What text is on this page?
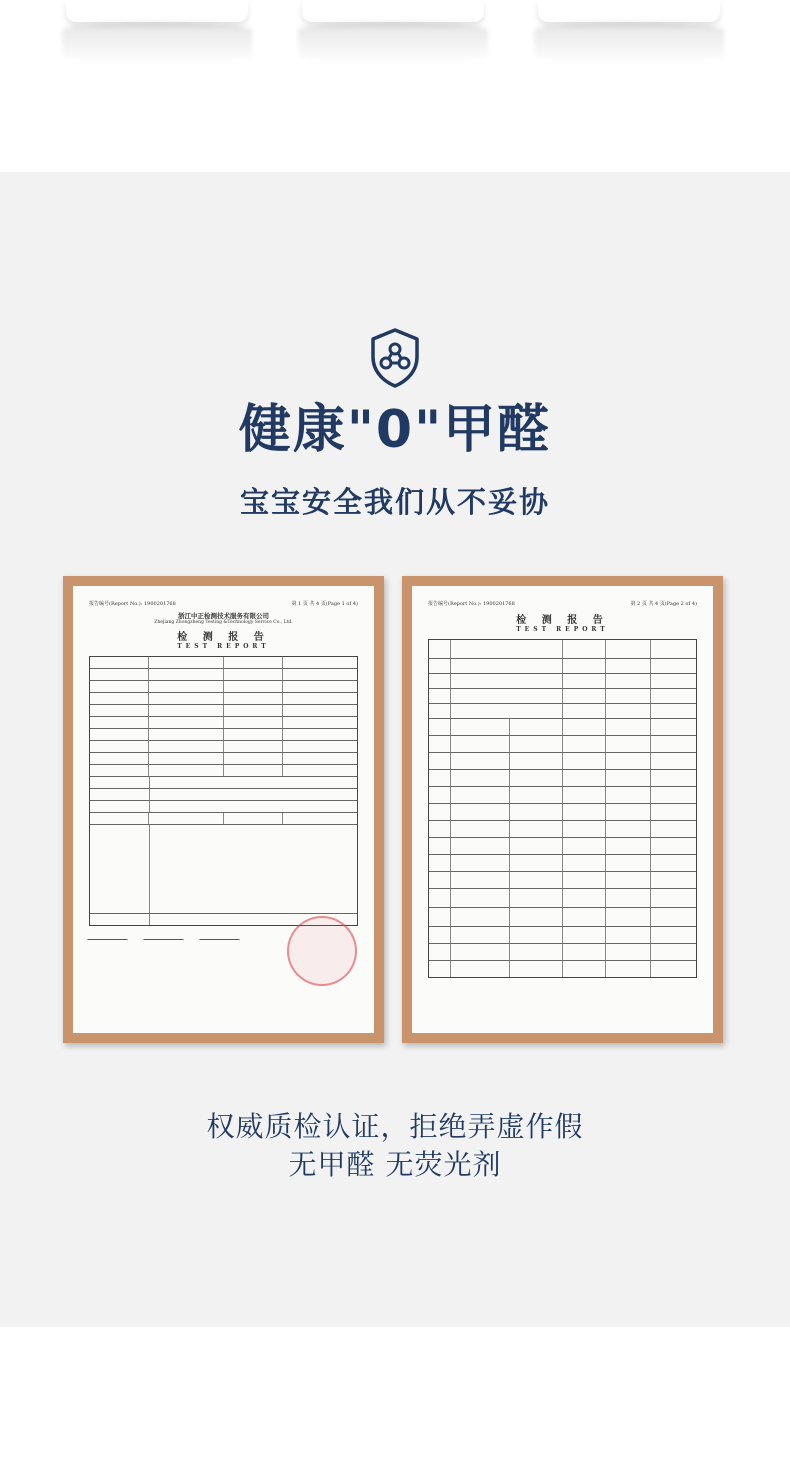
健康"0"甲醛
宝宝安全我们从不妥协
报告编号(Report No.): 1900201768	第 1 页 共 4 页(Page 1 of 4)
浙江中正检测技术服务有限公司
Zhejiang Zhongzheng Testing &Technology Service Co., Ltd.
检 测 报 告
TEST REPORT
报告编号(Report No.): 1900201768	第 2 页 共 4 页(Page 2 of 4)
检 测 报 告
TEST REPORT
权威质检认证，拒绝弄虚作假
无甲醛 无荧光剂
